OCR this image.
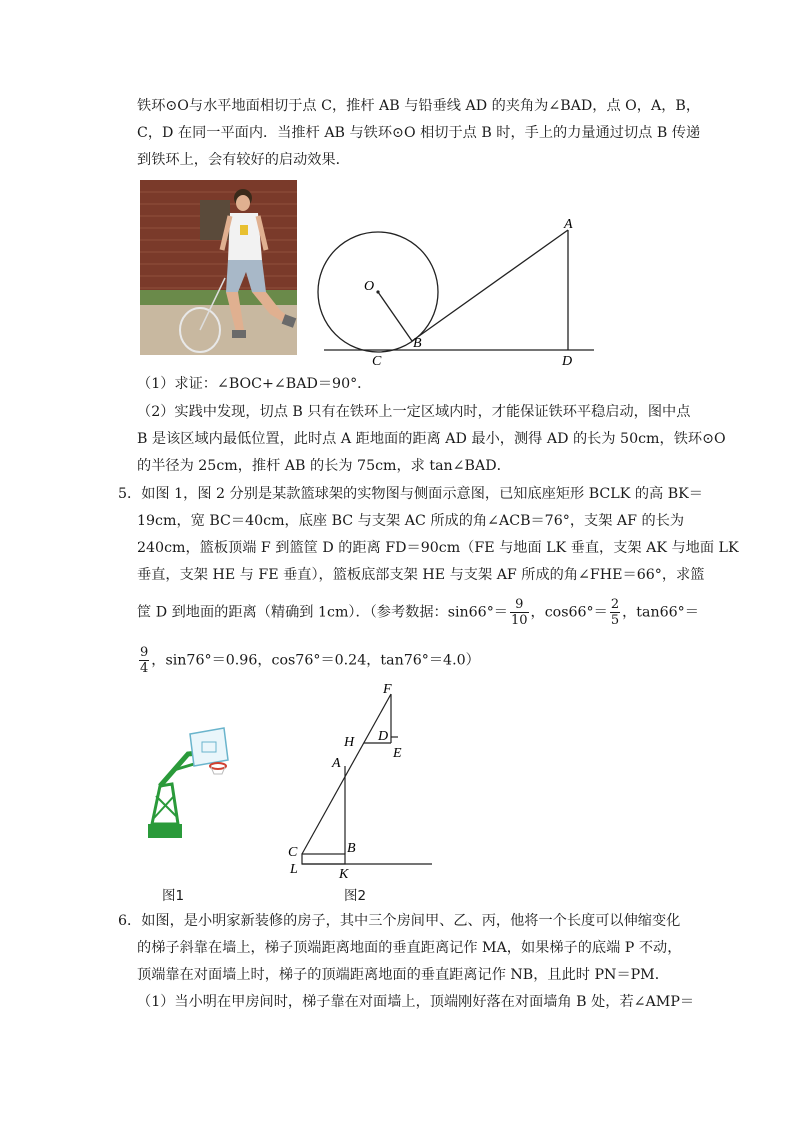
铁环⊙O与水平地面相切于点 C，推杆 AB 与铅垂线 AD 的夹角为∠BAD，点 O，A，B，
C，D 在同一平面内．当推杆 AB 与铁环⊙O 相切于点 B 时，手上的力量通过切点 B 传递
到铁环上，会有较好的启动效果．
O
A
B
C	D
（1）求证：∠BOC+∠BAD＝90°．
（2）实践中发现，切点 B 只有在铁环上一定区域内时，才能保证铁环平稳启动，图中点
B 是该区域内最低位置，此时点 A 距地面的距离 AD 最小，测得 AD 的长为 50cm，铁环⊙O
的半径为 25cm，推杆 AB 的长为 75cm，求 tan∠BAD．
5．如图 1，图 2 分别是某款篮球架的实物图与侧面示意图，已知底座矩形 BCLK 的高 BK＝
19cm，宽 BC＝40cm，底座 BC 与支架 AC 所成的角∠ACB＝76°，支架 AF 的长为
240cm，篮板顶端 F 到篮筐 D 的距离 FD＝90cm（FE 与地面 LK 垂直，支架 AK 与地面 LK
垂直，支架 HE 与 FE 垂直），篮板底部支架 HE 与支架 AF 所成的角∠FHE＝66°，求篮
筐 D 到地面的距离（精确到 1cm）．（参考数据：$\sin 66^\circ= \frac{9}{10}$ ，$\cos 66^\circ= \frac{2}{5}$ ，tan66°＝
$\frac{9}{4}$ ，sin76°＝0.96，cos76°＝0.24，tan76°＝4.0）
图1
F
H D
E
A
C	B
L	K
图2
6．如图，是小明家新装修的房子，其中三个房间甲、乙、丙，他将一个长度可以伸缩变化
的梯子斜靠在墙上，梯子顶端距离地面的垂直距离记作 MA，如果梯子的底端 P 不动，
顶端靠在对面墙上时，梯子的顶端距离地面的垂直距离记作 NB，且此时 PN＝PM．
（1）当小明在甲房间时，梯子靠在对面墙上，顶端刚好落在对面墙角 B 处，若∠AMP＝
